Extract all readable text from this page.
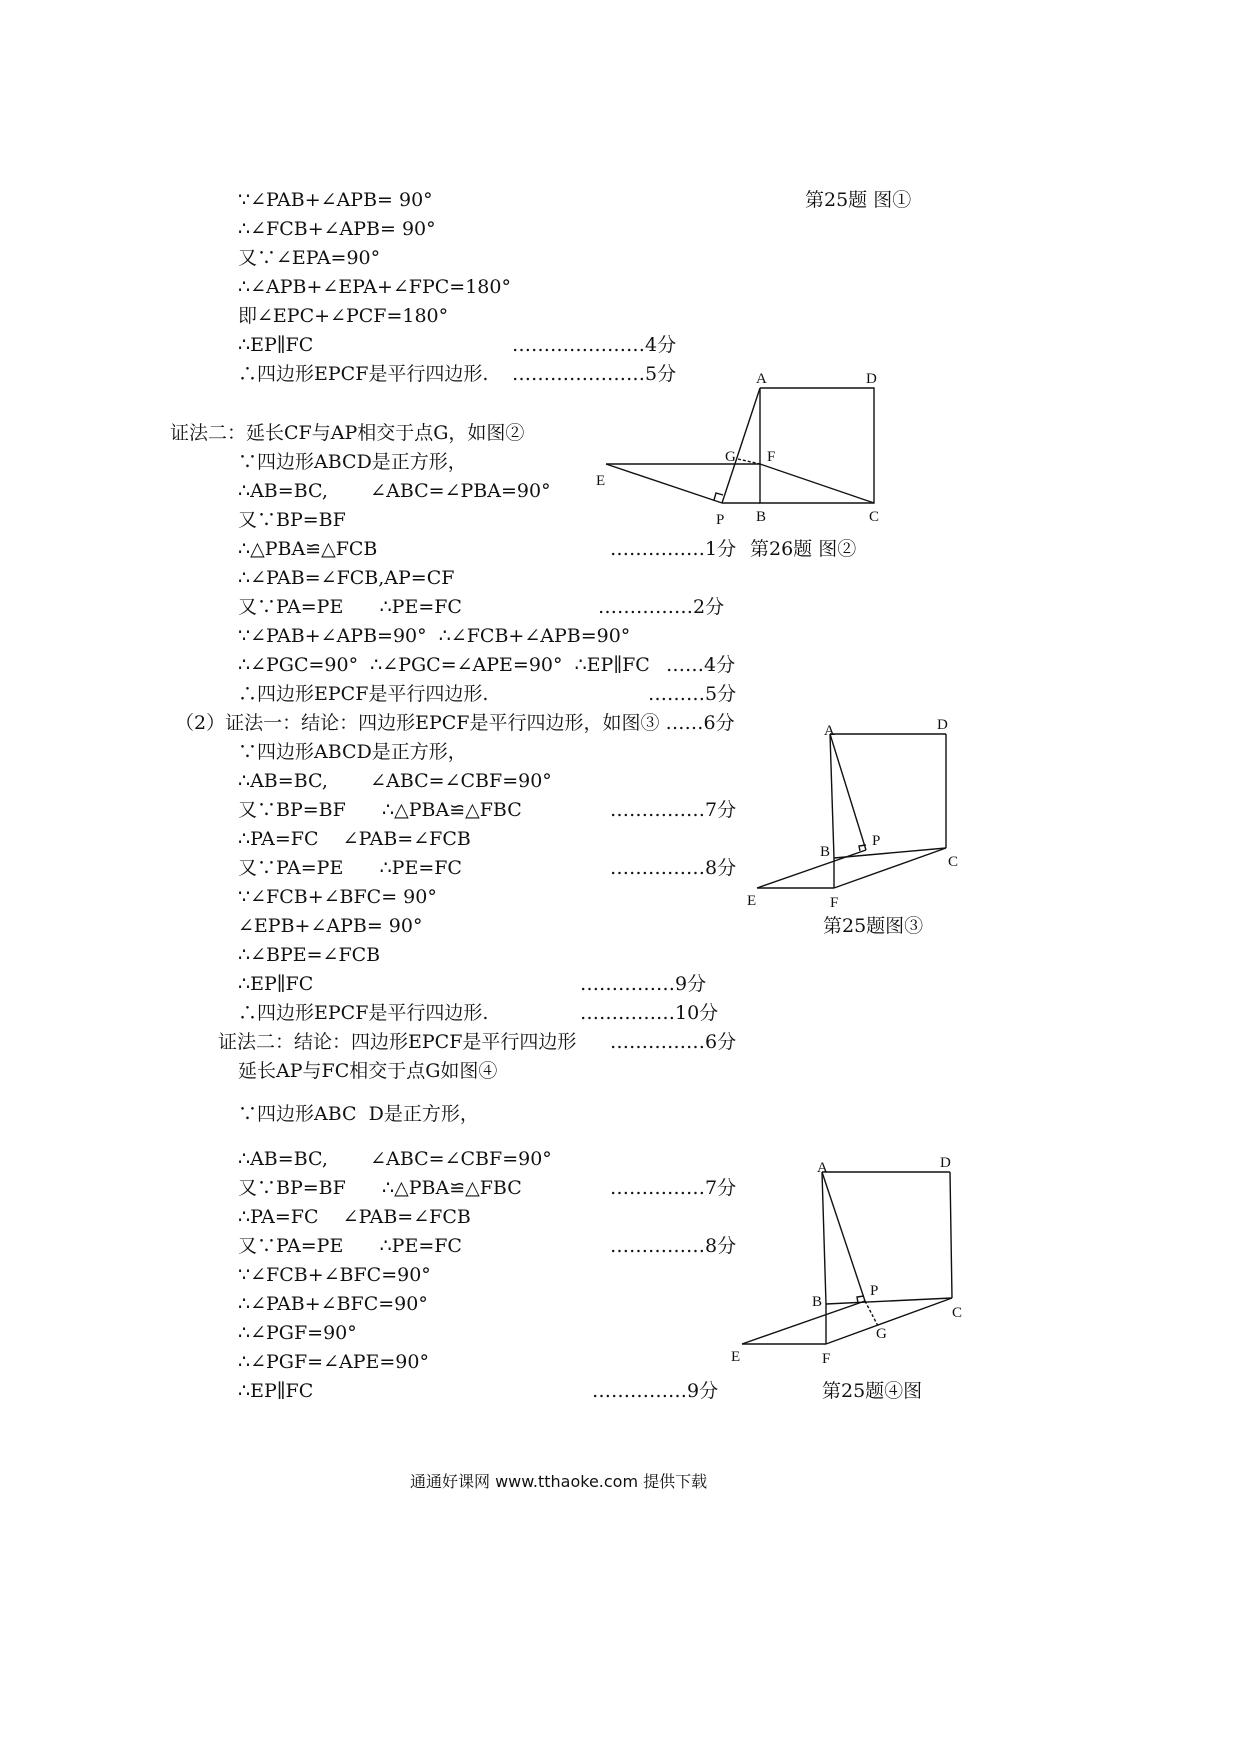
∵∠PAB+∠APB= 90°
∴∠FCB+∠APB= 90°
又∵∠EPA=90°
∴∠APB+∠EPA+∠FPC=180°
即∠EPC+∠PCF=180°
∴EP∥FC	…………………4分
∴四边形EPCF是平行四边形. …………………5分
第25题 图①
证法二：延长CF与AP相交于点G，如图②
∵四边形ABCD是正方形，
∴AB=BC,       ∠ABC=∠PBA=90°
又∵BP=BF
∴△PBA≌△FCB	……………1分 第26题 图②
∴∠PAB=∠FCB,AP=CF
又∵PA=PE      ∴PE=FC	……………2分
∵∠PAB+∠APB=90°  ∴∠FCB+∠APB=90°
∴∠PGC=90°  ∴∠PGC=∠APE=90°  ∴EP∥FC ……4分
∴四边形EPCF是平行四边形.	………5分
（2）证法一：结论：四边形EPCF是平行四边形，如图③ ……6分
∵四边形ABCD是正方形，
∴AB=BC,       ∠ABC=∠CBF=90°
又∵BP=BF      ∴△PBA≌△FBC	……………7分
∴PA=FC    ∠PAB=∠FCB
又∵PA=PE      ∴PE=FC	……………8分
∵∠FCB+∠BFC= 90°
∠EPB+∠APB= 90°	第25题图③
∴∠BPE=∠FCB
∴EP∥FC	……………9分
∴四边形EPCF是平行四边形.	……………10分
证法二：结论：四边形EPCF是平行四边形 ……………6分
延长AP与FC相交于点G如图④
∵四边形ABC  D是正方形，
∴AB=BC,       ∠ABC=∠CBF=90°
又∵BP=BF      ∴△PBA≌△FBC	……………7分
∴PA=FC    ∠PAB=∠FCB
又∵PA=PE      ∴PE=FC	……………8分
∵∠FCB+∠BFC=90°
∴∠PAB+∠BFC=90°
∴∠PGF=90°
∴∠PGF=∠APE=90°
∴EP∥FC	……………9分	第25题④图
A	D
G F
E
P B	C
A	D
B
P
C
E	F
A	D
B
P
C
G
E	F
通通好课网 www.tthaoke.com 提供下载
